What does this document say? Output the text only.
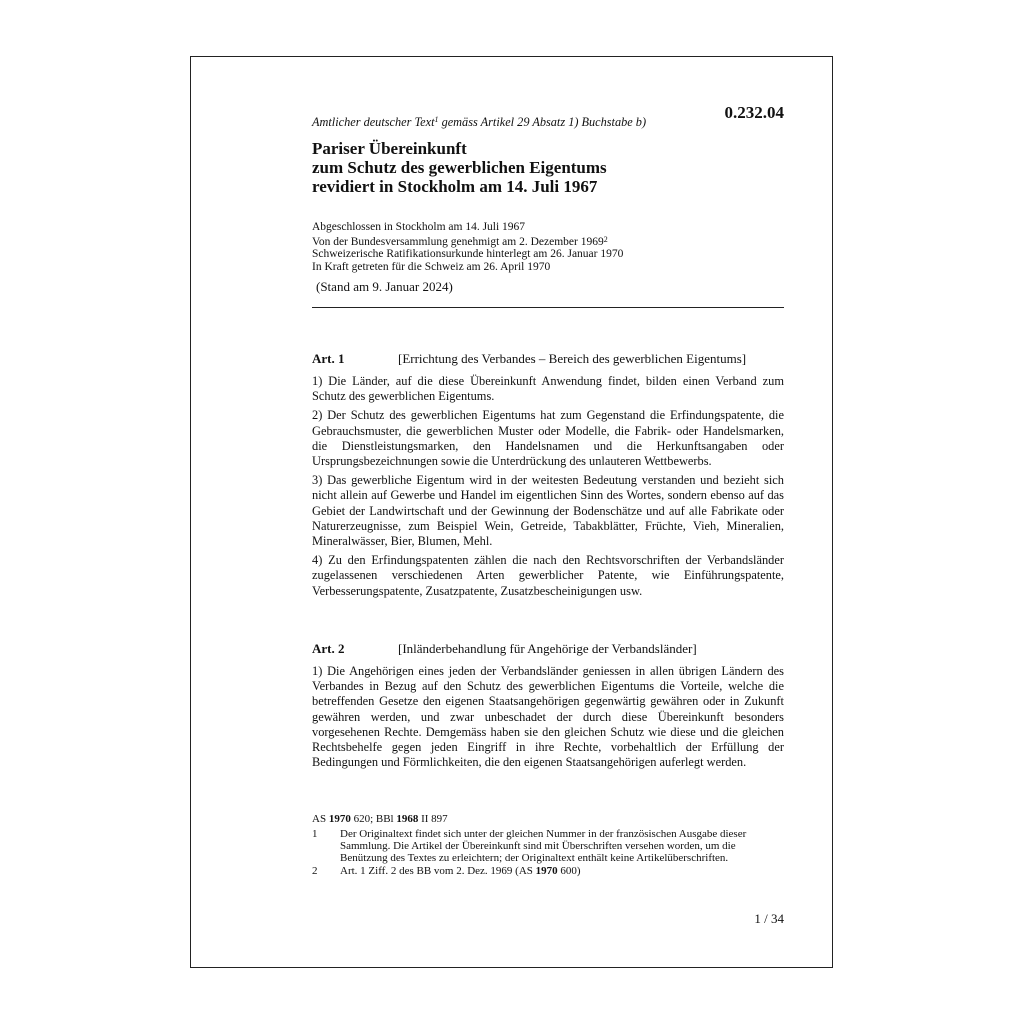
Amtlicher deutscher Text$^1$ gemäss Artikel 29 Absatz 1) Buchstabe b)	0.232.04
Pariser Übereinkunft
zum Schutz des gewerblichen Eigentums
revidiert in Stockholm am 14. Juli 1967
Abgeschlossen in Stockholm am 14. Juli 1967
Von der Bundesversammlung genehmigt am 2. Dezember 1969$^2$
Schweizerische Ratifikationsurkunde hinterlegt am 26. Januar 1970
In Kraft getreten für die Schweiz am 26. April 1970
(Stand am 9. Januar 2024)
Art. 1	[Errichtung des Verbandes – Bereich des gewerblichen Eigentums]
1) Die Länder, auf die diese Übereinkunft Anwendung findet, bilden einen Verband zum Schutz des gewerblichen Eigentums.
2) Der Schutz des gewerblichen Eigentums hat zum Gegenstand die Erfindungspatente, die Gebrauchsmuster, die gewerblichen Muster oder Modelle, die Fabrik- oder Handelsmarken, die Dienstleistungsmarken, den Handelsnamen und die Herkunftsangaben oder Ursprungsbezeichnungen sowie die Unterdrückung des unlauteren Wettbewerbs.
3) Das gewerbliche Eigentum wird in der weitesten Bedeutung verstanden und bezieht sich nicht allein auf Gewerbe und Handel im eigentlichen Sinn des Wortes, sondern ebenso auf das Gebiet der Landwirtschaft und der Gewinnung der Bodenschätze und auf alle Fabrikate oder Naturerzeugnisse, zum Beispiel Wein, Getreide, Tabakblätter, Früchte, Vieh, Mineralien, Mineralwässer, Bier, Blumen, Mehl.
4) Zu den Erfindungspatenten zählen die nach den Rechtsvorschriften der Verbandsländer zugelassenen verschiedenen Arten gewerblicher Patente, wie Einführungspatente, Verbesserungspatente, Zusatzpatente, Zusatzbescheinigungen usw.
Art. 2	[Inländerbehandlung für Angehörige der Verbandsländer]
1) Die Angehörigen eines jeden der Verbandsländer geniessen in allen übrigen Ländern des Verbandes in Bezug auf den Schutz des gewerblichen Eigentums die Vorteile, welche die betreffenden Gesetze den eigenen Staatsangehörigen gegenwärtig gewähren oder in Zukunft gewähren werden, und zwar unbeschadet der durch diese Übereinkunft besonders vorgesehenen Rechte. Demgemäss haben sie den gleichen Schutz wie diese und die gleichen Rechtsbehelfe gegen jeden Eingriff in ihre Rechte, vorbehaltlich der Erfüllung der Bedingungen und Förmlichkeiten, die den eigenen Staatsangehörigen auferlegt werden.
AS 1970 620; BBl 1968 II 897
1 Der Originaltext findet sich unter der gleichen Nummer in der französischen Ausgabe dieser Sammlung. Die Artikel der Übereinkunft sind mit Überschriften versehen worden, um die Benützung des Textes zu erleichtern; der Originaltext enthält keine Artikelüberschriften.
2 Art. 1 Ziff. 2 des BB vom 2. Dez. 1969 (AS 1970 600)
1 / 34
